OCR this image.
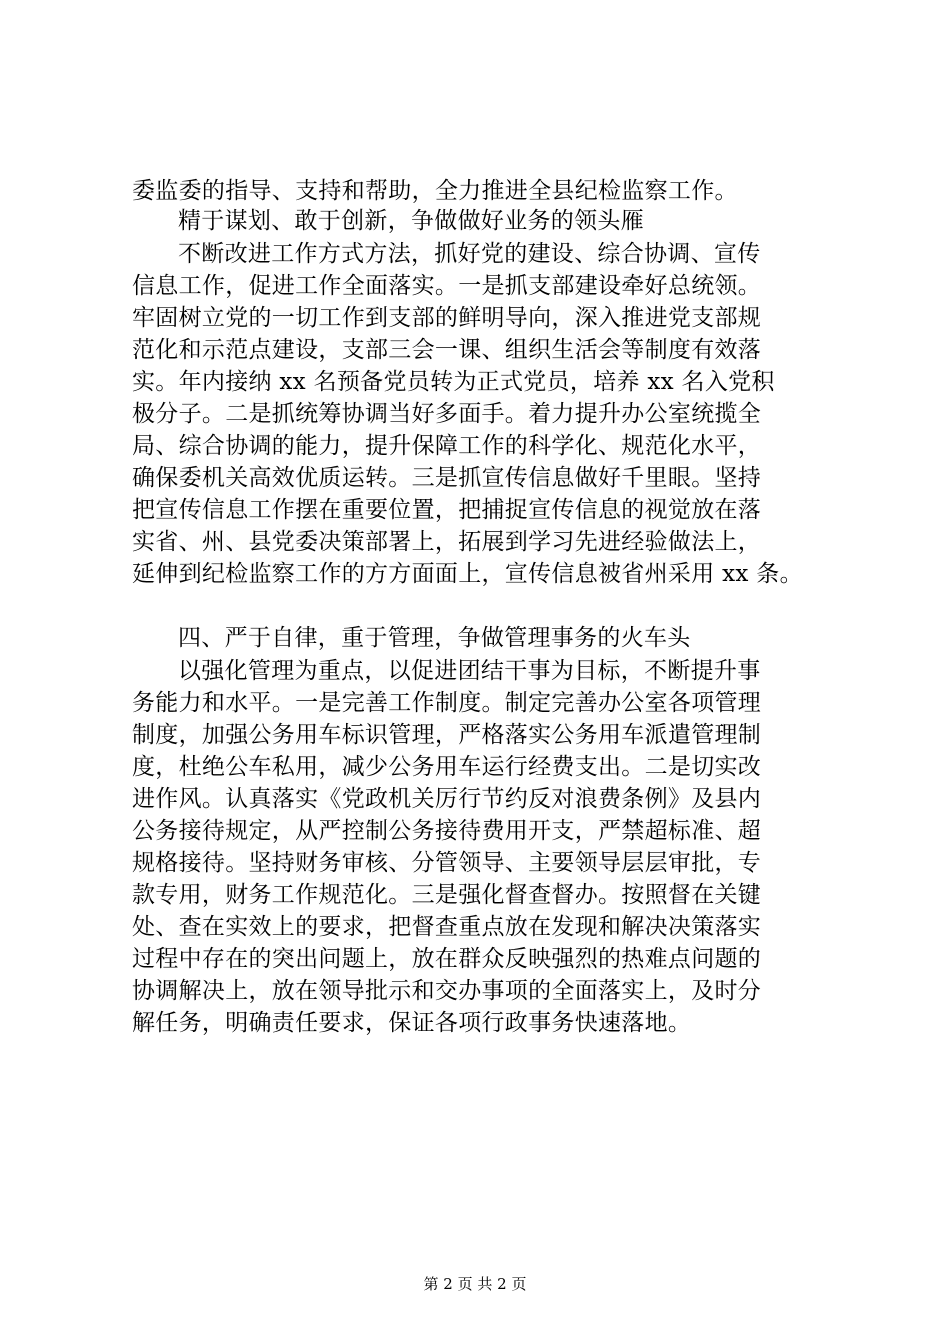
委监委的指导、支持和帮助，全力推进全县纪检监察工作。
精于谋划、敢于创新，争做做好业务的领头雁
不断改进工作方式方法，抓好党的建设、综合协调、宣传
信息工作，促进工作全面落实。一是抓支部建设牵好总统领。
牢固树立党的一切工作到支部的鲜明导向，深入推进党支部规
范化和示范点建设，支部三会一课、组织生活会等制度有效落
实。年内接纳 xx 名预备党员转为正式党员，培养 xx 名入党积
极分子。二是抓统筹协调当好多面手。着力提升办公室统揽全
局、综合协调的能力，提升保障工作的科学化、规范化水平，
确保委机关高效优质运转。三是抓宣传信息做好千里眼。坚持
把宣传信息工作摆在重要位置，把捕捉宣传信息的视觉放在落
实省、州、县党委决策部署上，拓展到学习先进经验做法上，
延伸到纪检监察工作的方方面面上，宣传信息被省州采用 xx 条。
四、严于自律，重于管理，争做管理事务的火车头
以强化管理为重点，以促进团结干事为目标，不断提升事
务能力和水平。一是完善工作制度。制定完善办公室各项管理
制度，加强公务用车标识管理，严格落实公务用车派遣管理制
度，杜绝公车私用，减少公务用车运行经费支出。二是切实改
进作风。认真落实《党政机关厉行节约反对浪费条例》及县内
公务接待规定，从严控制公务接待费用开支，严禁超标准、超
规格接待。坚持财务审核、分管领导、主要领导层层审批，专
款专用，财务工作规范化。三是强化督查督办。按照督在关键
处、查在实效上的要求，把督查重点放在发现和解决决策落实
过程中存在的突出问题上，放在群众反映强烈的热难点问题的
协调解决上，放在领导批示和交办事项的全面落实上，及时分
解任务，明确责任要求，保证各项行政事务快速落地。
第 2 页 共 2 页
